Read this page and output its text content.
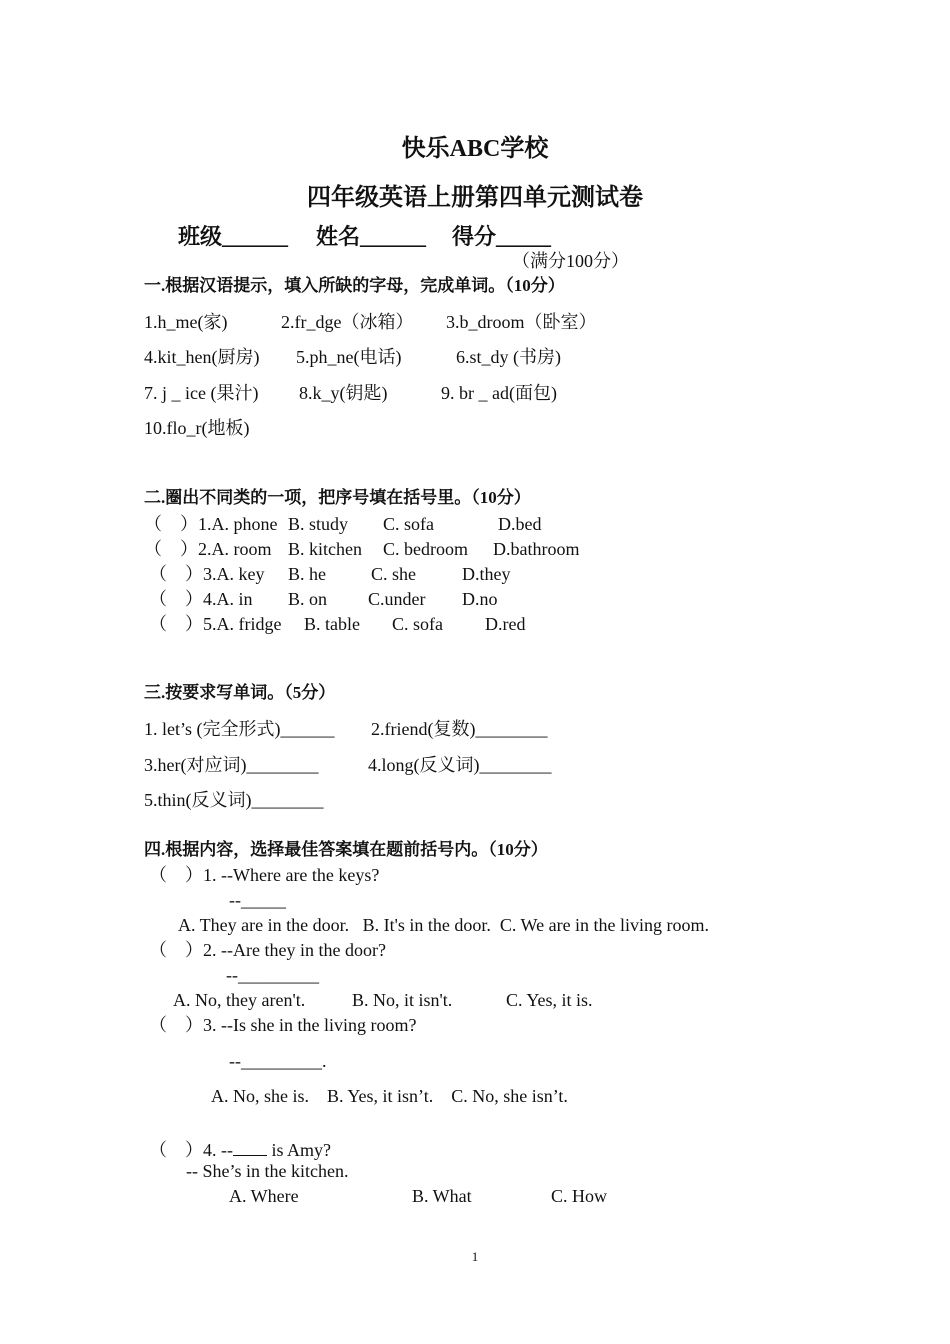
快乐ABC学校
四年级英语上册第四单元测试卷
班级______ 姓名______ 得分_____
（满分100分）
一.根据汉语提示，填入所缺的字母，完成单词。（10分）
1.h_me(家)	2.fr_dge（冰箱） 3.b_droom（卧室）
4.kit_hen(厨房) 5.ph_ne(电话)	6.st_dy (书房)
7. j _ ice (果汁) 8.k_y(钥匙)	9. br _ ad(面包)
10.flo_r(地板)
二.圈出不同类的一项，把序号填在括号里。（10分）
（　）1.A. phone B. study C. sofa	D.bed
（　）2.A. room B. kitchen C. bedroom D.bathroom
（　）3.A. key B. he	C. she	D.they
（　）4.A. in B. on C.under D.no
（　）5.A. fridge B. table C. sofa D.red
三.按要求写单词。（5分）
1. let’s (完全形式)______ 2.friend(复数)________
3.her(对应词)________	4.long(反义词)________
5.thin(反义词)________
四.根据内容，选择最佳答案填在题前括号内。（10分）
（　）1. --Where are the keys?
--_____
A. They are in the door.   B. It's in the door.  C. We are in the living room.
（　）2. --Are they in the door?
--_________
A. No, they aren't.	B. No, it isn't.	C. Yes, it is.
（　）3. --Is she in the living room?
--_________.
A. No, she is.    B. Yes, it isn’t.    C. No, she isn’t.
（　）4. -- is Amy?
-- She’s in the kitchen.
A. Where	B. What	C. How
1
